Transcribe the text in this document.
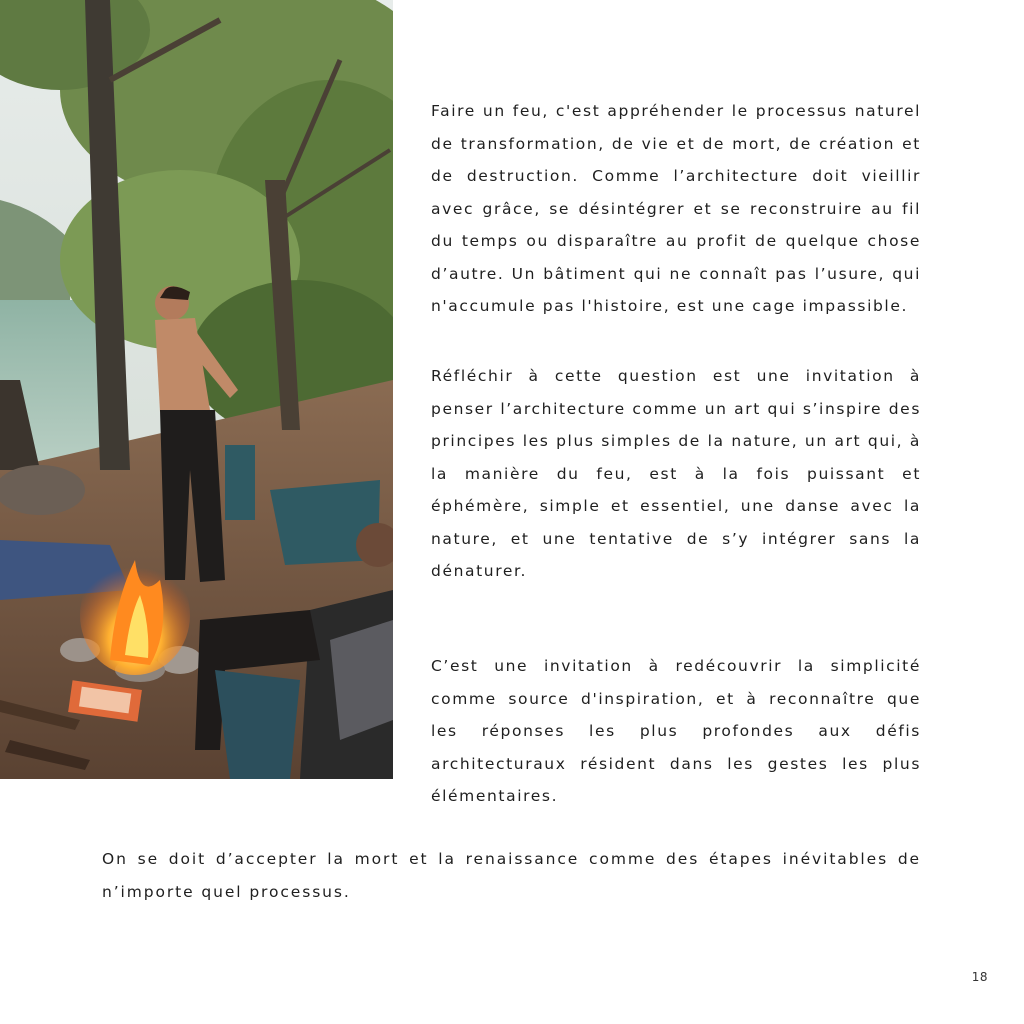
Faire un feu, c'est appréhender le processus naturel de transformation, de vie et de mort, de création et de destruction. Comme l’architecture doit vieillir avec grâce, se désintégrer et se reconstruire au fil du temps ou disparaître au profit de quelque chose d’autre. Un bâtiment qui ne connaît pas l’usure, qui n'accumule pas l'histoire, est une cage impassible.

Réfléchir à cette question est une invitation à penser l’architecture comme un art qui s’inspire des principes les plus simples de la nature, un art qui, à la manière du feu, est à la fois puissant et éphémère, simple et essentiel, une danse avec la nature, et une tentative de s’y intégrer sans la dénaturer.

C’est une invitation à redécouvrir la simplicité comme source d'inspiration, et à reconnaître que les réponses les plus profondes aux défis architecturaux résident dans les gestes les plus élémentaires.

On se doit d’accepter la mort et la renaissance comme des étapes inévitables de n’importe quel processus.

18
